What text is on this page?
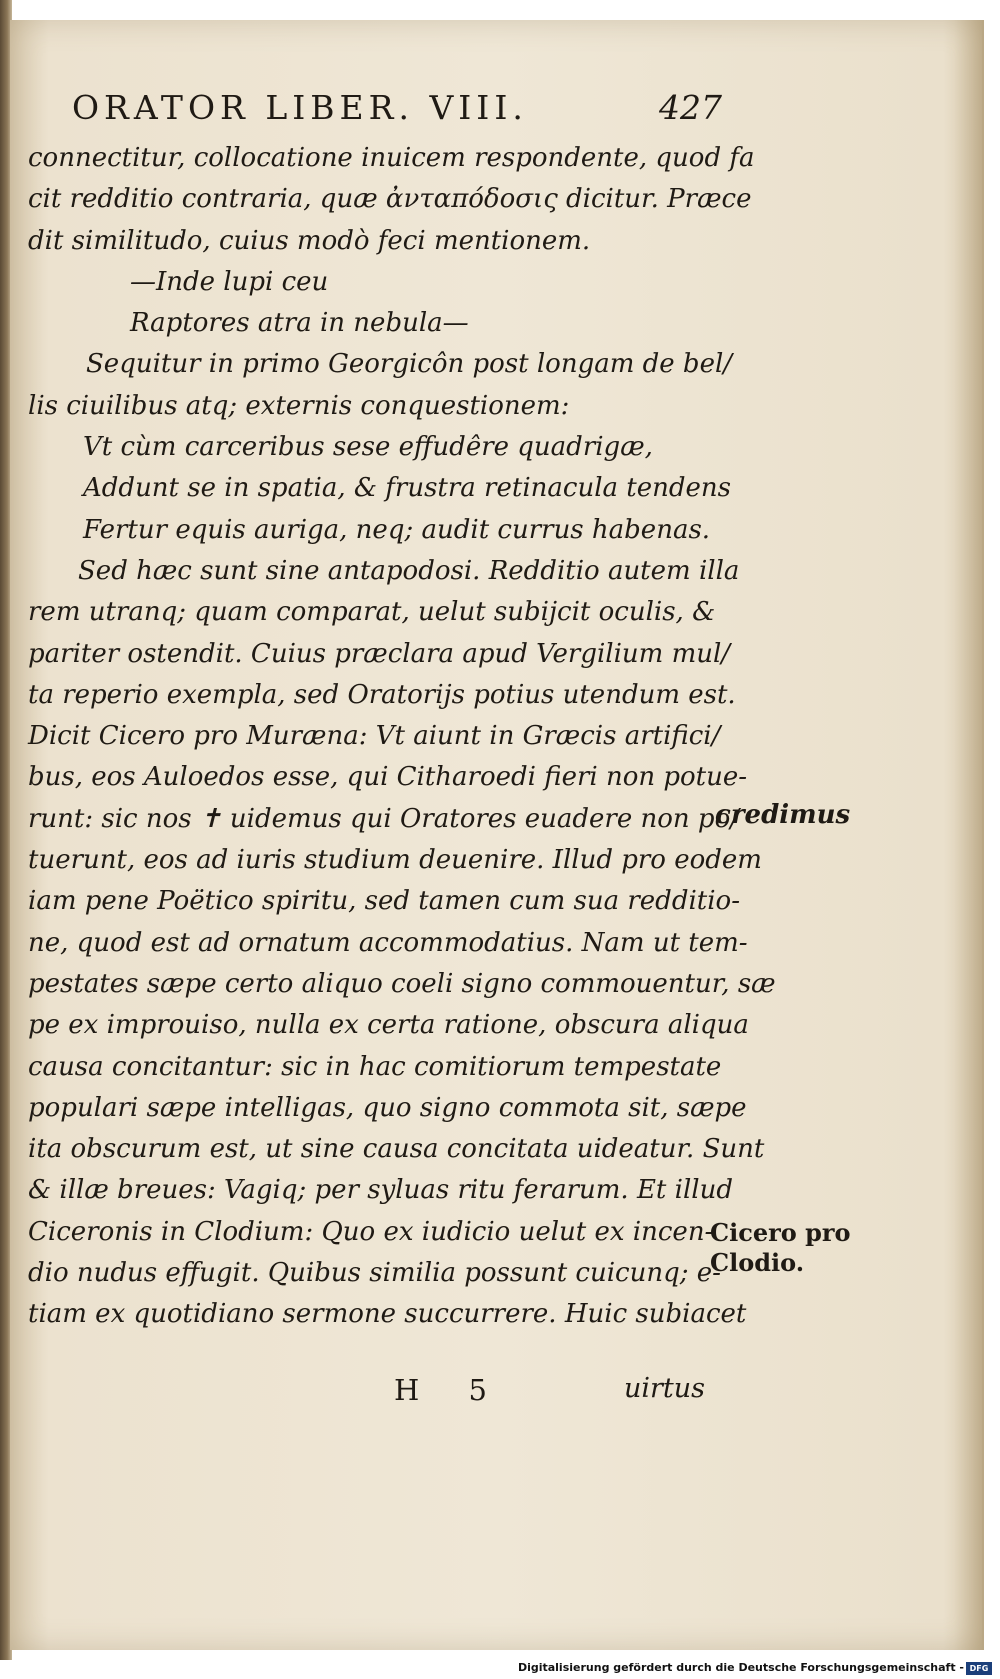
ORATOR LIBER. VIII.	427
connectitur, collocatione inuicem respondente, quod fa
cit redditio contraria, quæ ἀνταπόδοσις dicitur. Præce
dit similitudo, cuius modò feci mentionem.
—Inde lupi ceu
Raptores atra in nebula—
Sequitur in primo Georgicôn post longam de bel/
lis ciuilibus atq; externis conquestionem:
Vt cùm carceribus sese effudêre quadrigæ,
Addunt se in spatia, & frustra retinacula tendens
Fertur equis auriga, neq; audit currus habenas.
Sed hæc sunt sine antapodosi. Redditio autem illa
rem utranq; quam comparat, uelut subijcit oculis, &
pariter ostendit. Cuius præclara apud Vergilium mul/
ta reperio exempla, sed Oratorijs potius utendum est.
Dicit Cicero pro Muræna: Vt aiunt in Græcis artifici/
bus, eos Auloedos esse, qui Citharoedi fieri non potue-
runt: sic nos ✝ uidemus qui Oratores euadere non po/
tuerunt, eos ad iuris studium deuenire. Illud pro eodem
iam pene Poëtico spiritu, sed tamen cum sua redditio-
ne, quod est ad ornatum accommodatius. Nam ut tem-
pestates sæpe certo aliquo coeli signo commouentur, sæ
pe ex improuiso, nulla ex certa ratione, obscura aliqua
causa concitantur: sic in hac comitiorum tempestate
populari sæpe intelligas, quo signo commota sit, sæpe
ita obscurum est, ut sine causa concitata uideatur. Sunt
& illæ breues: Vagiq; per syluas ritu ferarum. Et illud
Ciceronis in Clodium: Quo ex iudicio uelut ex incen-
dio nudus effugit. Quibus similia possunt cuicunq; e-
tiam ex quotidiano sermone succurrere. Huic subiacet
credimus
Cicero pro
Clodio.
H 5	uirtus
Digitalisierung gefördert durch die Deutsche Forschungsgemeinschaft - DFG
